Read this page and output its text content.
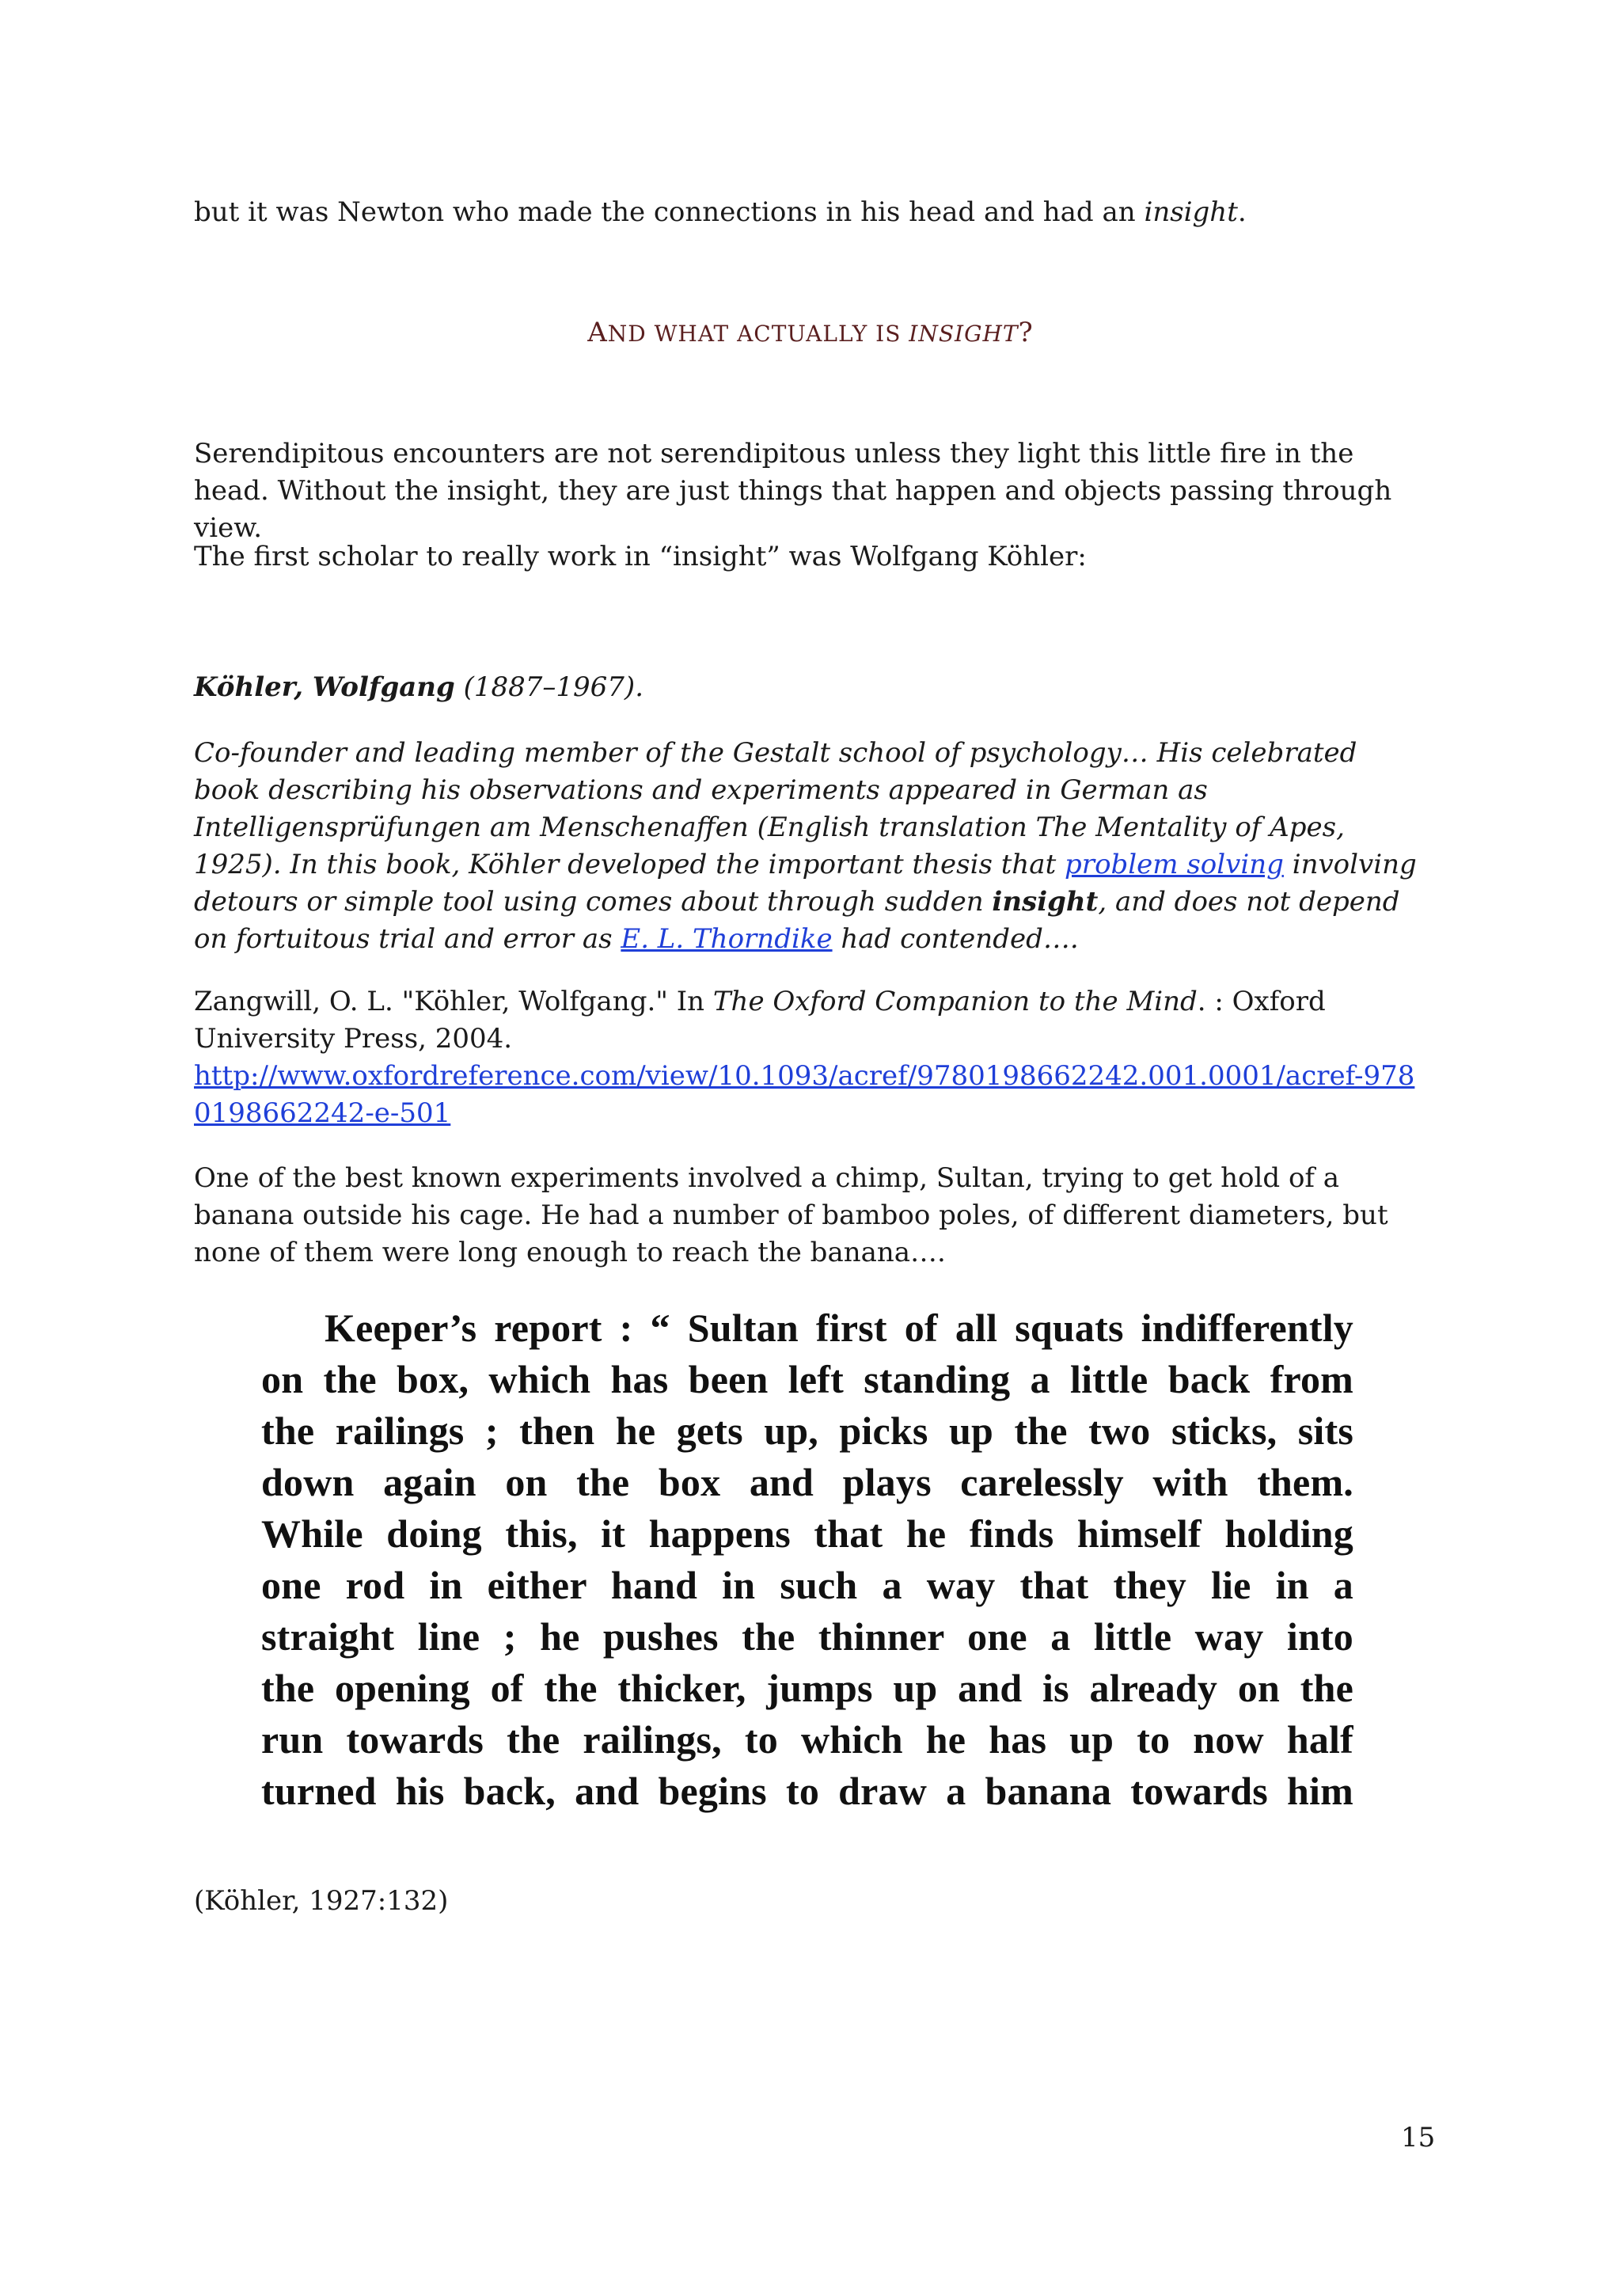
but it was Newton who made the connections in his head and had an insight.

AND WHAT ACTUALLY IS INSIGHT?

Serendipitous encounters are not serendipitous unless they light this little fire in the head. Without the insight, they are just things that happen and objects passing through view.

The first scholar to really work in “insight” was Wolfgang Köhler:

Köhler, Wolfgang (1887–1967).

Co-founder and leading member of the Gestalt school of psychology… His celebrated book describing his observations and experiments appeared in German as Intelligensprüfungen am Menschenaffen (English translation The Mentality of Apes, 1925). In this book, Köhler developed the important thesis that problem solving involving detours or simple tool using comes about through sudden insight, and does not depend on fortuitous trial and error as E. L. Thorndike had contended….

Zangwill, O. L. "Köhler, Wolfgang." In The Oxford Companion to the Mind. : Oxford University Press, 2004.
http://www.oxfordreference.com/view/10.1093/acref/9780198662242.001.0001/acref-9780198662242-e-501

One of the best known experiments involved a chimp, Sultan, trying to get hold of a banana outside his cage. He had a number of bamboo poles, of different diameters, but none of them were long enough to reach the banana….

Keeper’s report : “ Sultan first of all squats indifferently

on the box, which has been left standing a little back from

the railings ; then he gets up, picks up the two sticks, sits

down again on the box and plays carelessly with them.

While doing this, it happens that he finds himself holding

one rod in either hand in such a way that they lie in a

straight line ; he pushes the thinner one a little way into

the opening of the thicker, jumps up and is already on the

run towards the railings, to which he has up to now half

turned his back, and begins to draw a banana towards him

(Köhler, 1927:132)

15
